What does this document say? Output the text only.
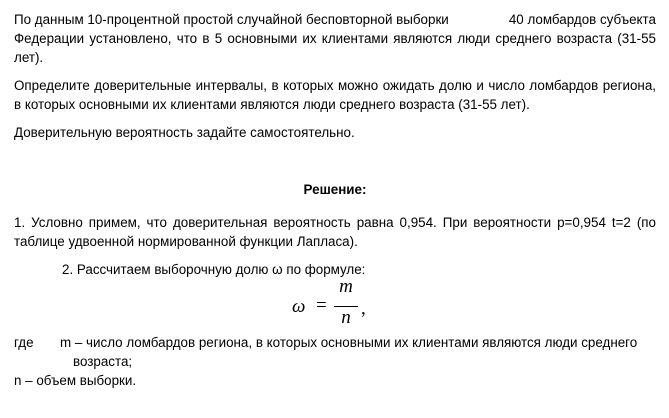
По данным 10-процентной простой случайной бесповторной выборки	40 ломбардов субъекта

Федерации установлено, что в 5 основными их клиентами являются люди среднего возраста (31-55 лет).

Определите доверительные интервалы, в которых можно ожидать долю и число ломбардов региона, в которых основными их клиентами являются люди среднего возраста (31-55 лет).

Доверительную вероятность задайте самостоятельно.

Решение:

1. Условно примем, что доверительная вероятность равна 0,954. При вероятности р=0,954 t=2 (по таблице удвоенной нормированной функции Лапласа).

2. Рассчитаем выборочную долю ω по формуле:

ω =
m
n ,
где	m – число ломбардов региона, в которых основными их клиентами являются люди среднего
возраста;

n – объем выборки.
